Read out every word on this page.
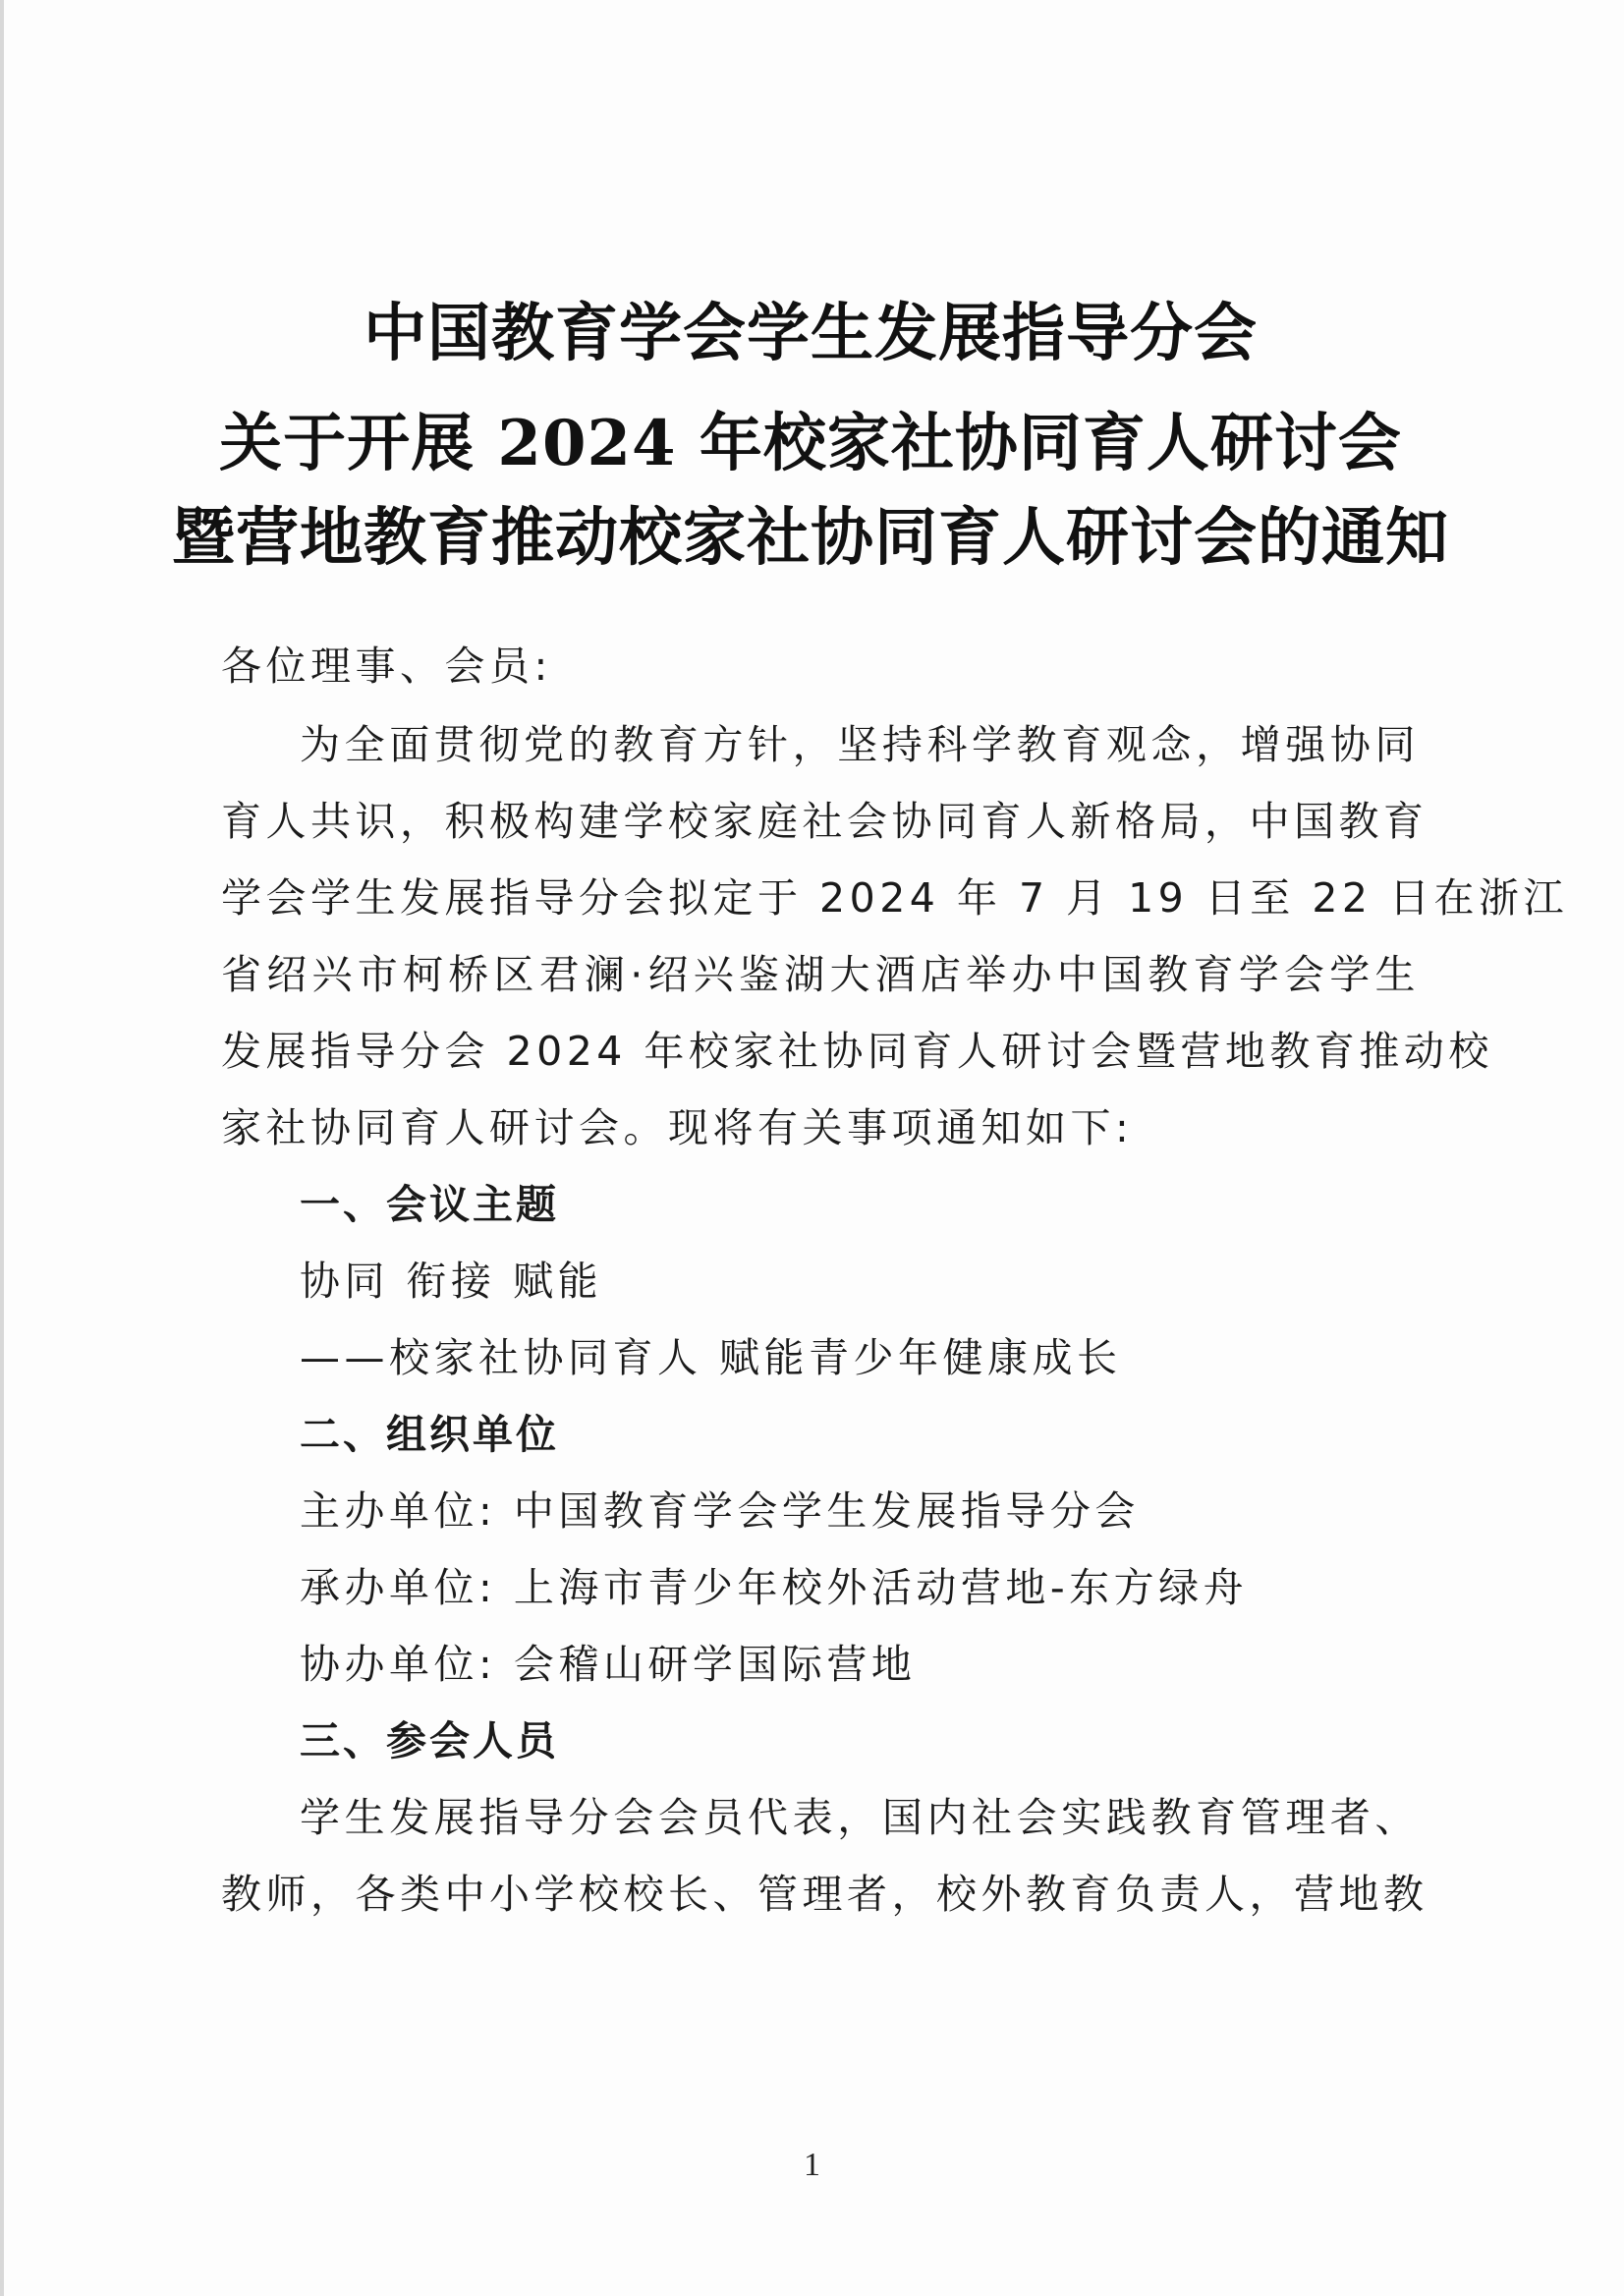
中国教育学会学生发展指导分会
关于开展 2024 年校家社协同育人研讨会
暨营地教育推动校家社协同育人研讨会的通知
各位理事、会员:
为全面贯彻党的教育方针，坚持科学教育观念，增强协同
育人共识，积极构建学校家庭社会协同育人新格局，中国教育
学会学生发展指导分会拟定于 2024 年 7 月 19 日至 22 日在浙江
省绍兴市柯桥区君澜·绍兴鉴湖大酒店举办中国教育学会学生
发展指导分会 2024 年校家社协同育人研讨会暨营地教育推动校
家社协同育人研讨会。现将有关事项通知如下:
一、会议主题
协同 衔接 赋能
——校家社协同育人 赋能青少年健康成长
二、组织单位
主办单位: 中国教育学会学生发展指导分会
承办单位: 上海市青少年校外活动营地-东方绿舟
协办单位: 会稽山研学国际营地
三、参会人员
学生发展指导分会会员代表，国内社会实践教育管理者、
教师，各类中小学校校长、管理者，校外教育负责人，营地教
1
